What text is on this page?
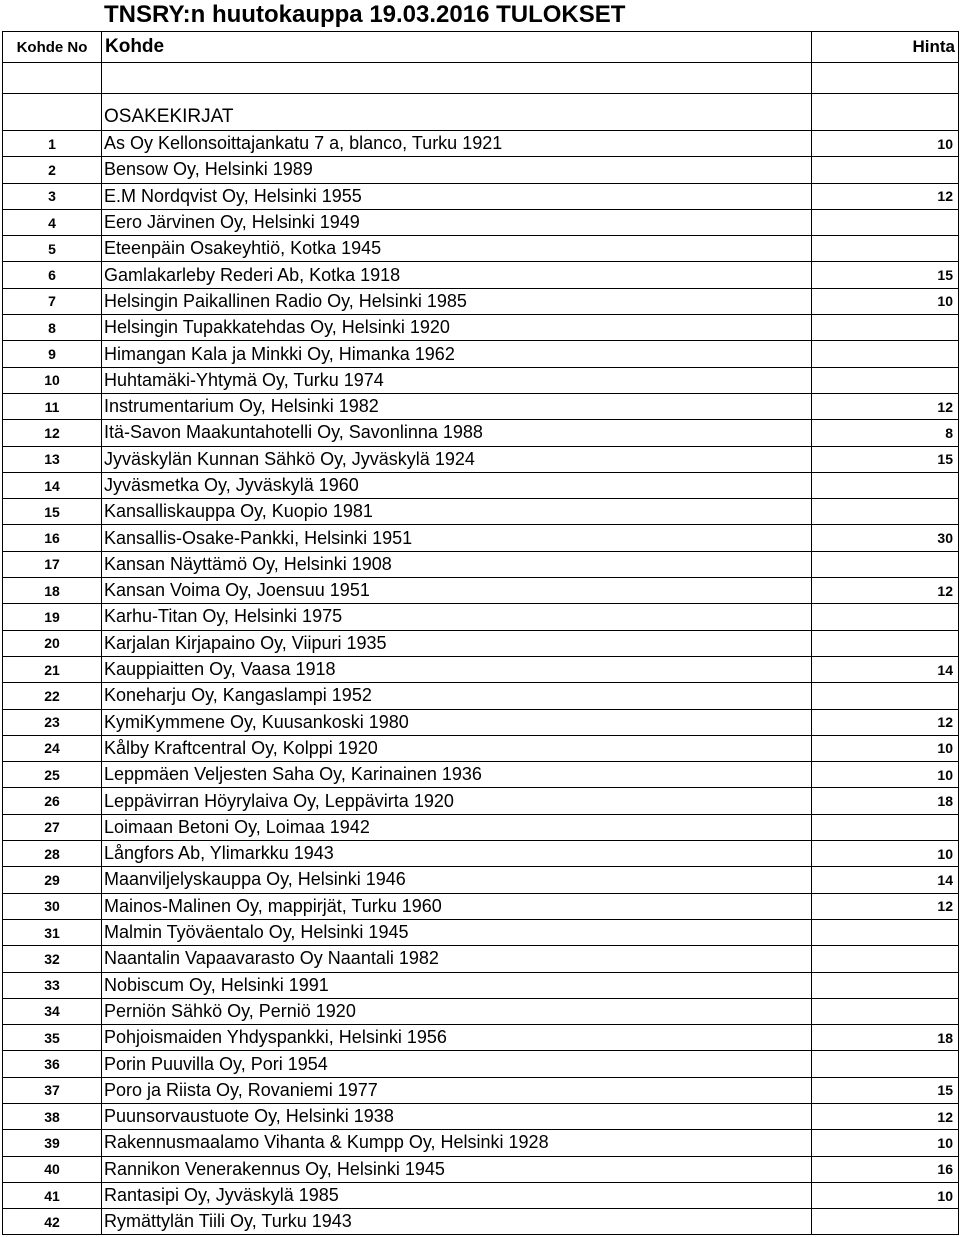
TNSRY:n huutokauppa 19.03.2016 TULOKSET
Kohde No	Kohde	Hinta

	OSAKEKIRJAT	
1	As Oy Kellonsoittajankatu 7 a, blanco, Turku 1921	10
2	Bensow Oy, Helsinki 1989	
3	E.M Nordqvist Oy, Helsinki 1955	12
4	Eero Järvinen Oy, Helsinki 1949	
5	Eteenpäin Osakeyhtiö, Kotka 1945	
6	Gamlakarleby Rederi Ab, Kotka 1918	15
7	Helsingin Paikallinen Radio Oy, Helsinki 1985	10
8	Helsingin Tupakkatehdas Oy, Helsinki 1920	
9	Himangan Kala ja Minkki Oy, Himanka 1962	
10	Huhtamäki-Yhtymä Oy, Turku 1974	
11	Instrumentarium Oy, Helsinki 1982	12
12	Itä-Savon Maakuntahotelli Oy, Savonlinna 1988	8
13	Jyväskylän Kunnan Sähkö Oy, Jyväskylä 1924	15
14	Jyväsmetka Oy, Jyväskylä 1960	
15	Kansalliskauppa Oy, Kuopio 1981	
16	Kansallis-Osake-Pankki, Helsinki 1951	30
17	Kansan Näyttämö Oy, Helsinki 1908	
18	Kansan Voima Oy, Joensuu 1951	12
19	Karhu-Titan Oy, Helsinki 1975	
20	Karjalan Kirjapaino Oy, Viipuri 1935	
21	Kauppiaitten Oy, Vaasa 1918	14
22	Koneharju Oy, Kangaslampi 1952	
23	KymiKymmene Oy, Kuusankoski 1980	12
24	Kålby Kraftcentral Oy, Kolppi 1920	10
25	Leppmäen Veljesten Saha Oy, Karinainen 1936	10
26	Leppävirran Höyrylaiva Oy, Leppävirta 1920	18
27	Loimaan Betoni Oy, Loimaa 1942	
28	Långfors Ab, Ylimarkku 1943	10
29	Maanviljelyskauppa Oy, Helsinki 1946	14
30	Mainos-Malinen Oy, mappirjät, Turku 1960	12
31	Malmin Työväentalo Oy, Helsinki 1945	
32	Naantalin Vapaavarasto Oy Naantali 1982	
33	Nobiscum Oy, Helsinki 1991	
34	Perniön Sähkö Oy, Perniö 1920	
35	Pohjoismaiden Yhdyspankki, Helsinki 1956	18
36	Porin Puuvilla Oy, Pori 1954	
37	Poro ja Riista Oy, Rovaniemi 1977	15
38	Puunsorvaustuote Oy, Helsinki 1938	12
39	Rakennusmaalamo Vihanta & Kumpp Oy, Helsinki 1928	10
40	Rannikon Venerakennus Oy, Helsinki 1945	16
41	Rantasipi Oy, Jyväskylä 1985	10
42	Rymättylän Tiili Oy, Turku 1943	
